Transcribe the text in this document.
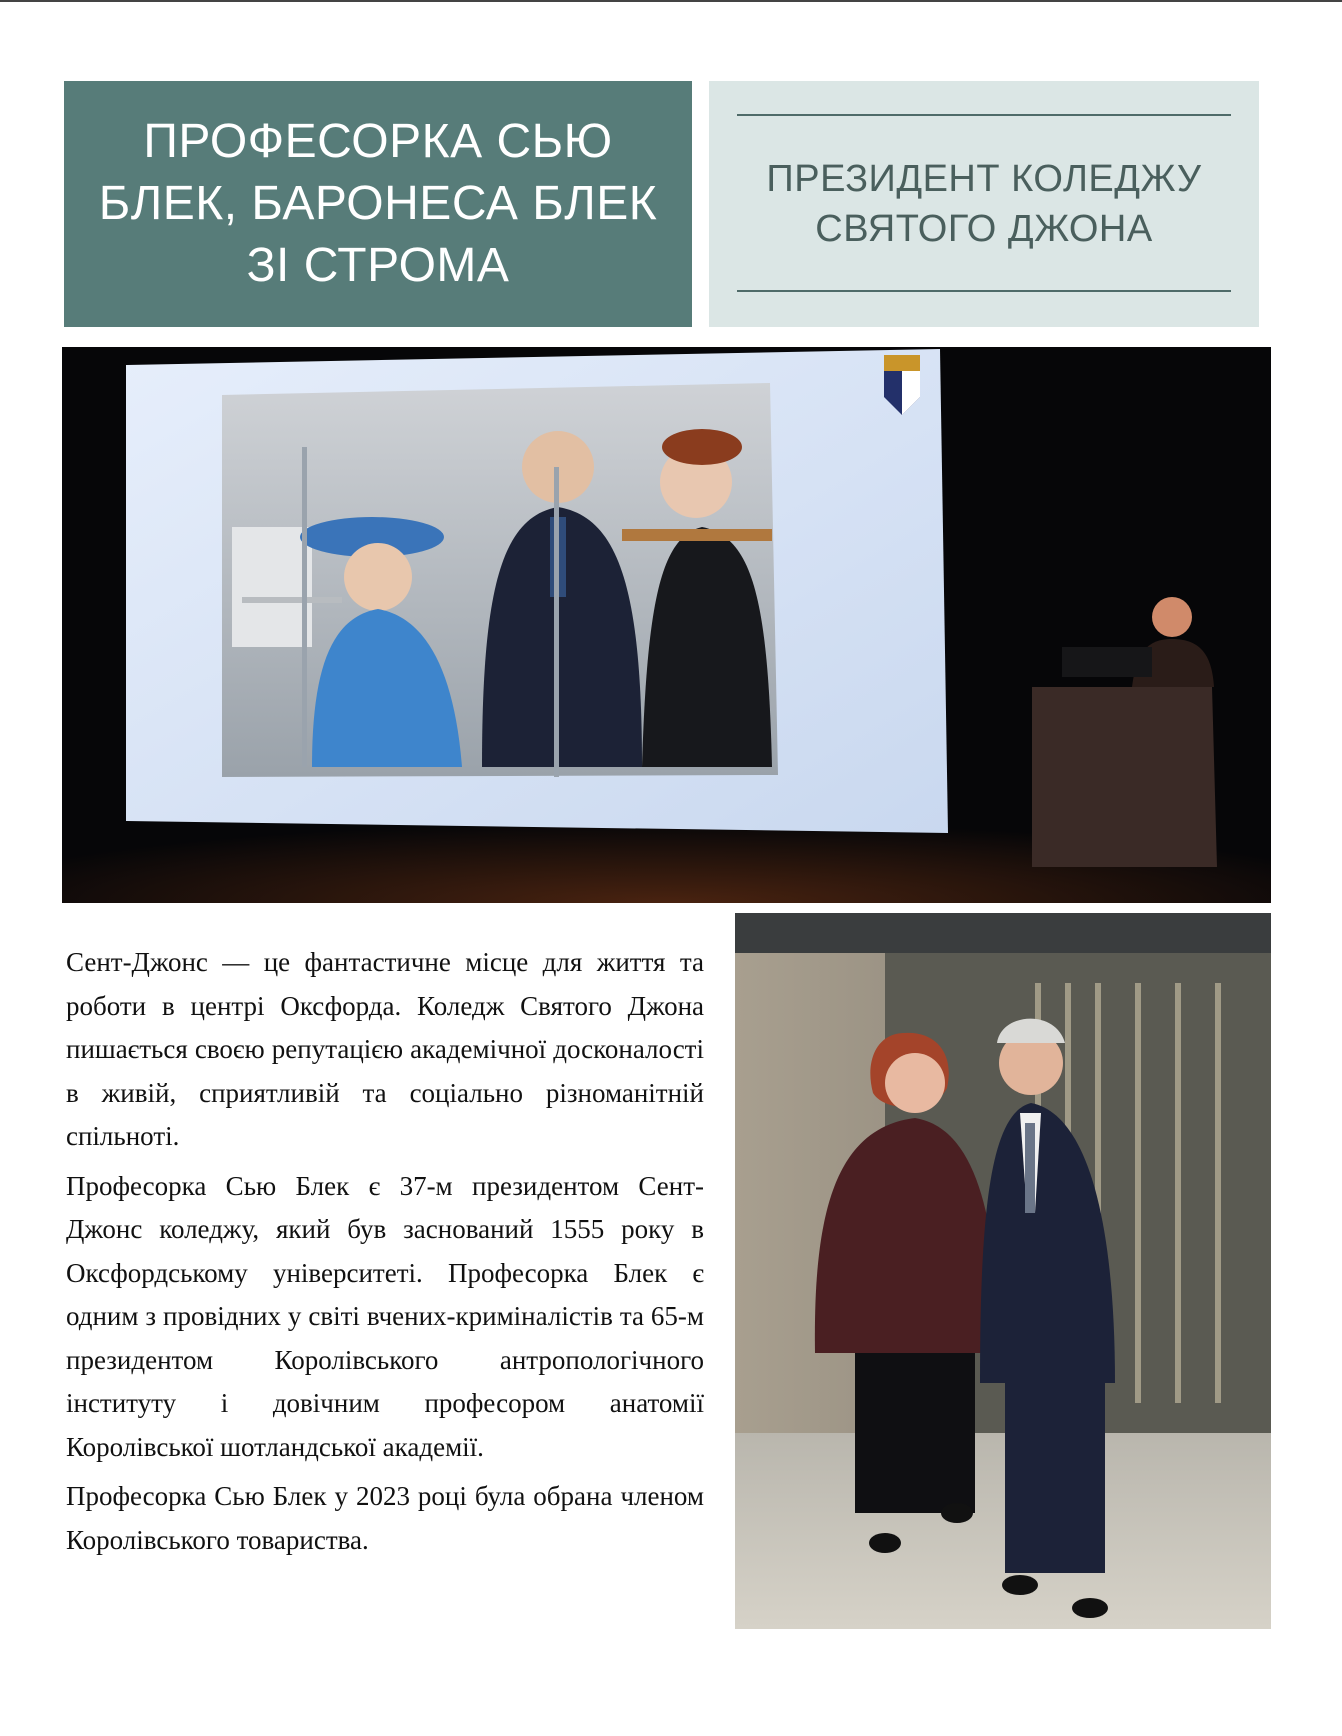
ПРОФЕСОРКА СЬЮ БЛЕК, БАРОНЕСА БЛЕК ЗІ СТРОМА
ПРЕЗИДЕНТ КОЛЕДЖУ СВЯТОГО ДЖОНА

Сент-Джонс — це фантастичне місце для життя та роботи в центрі Оксфорда. Коледж Святого Джона пишається своєю репутацією академічної досконалості в живій, сприятливій та соціально різноманітній спільноті.

Професорка Сью Блек є 37-м президентом Сент-Джонс коледжу, який був заснований 1555 року в Оксфордському університеті. Професорка Блек є одним з провідних у світі вчених-криміналістів та 65-м президентом Королівського антропологічного інституту і довічним професором анатомії Королівської шотландської академії.

Професорка Сью Блек у 2023 році була обрана членом Королівського товариства.
